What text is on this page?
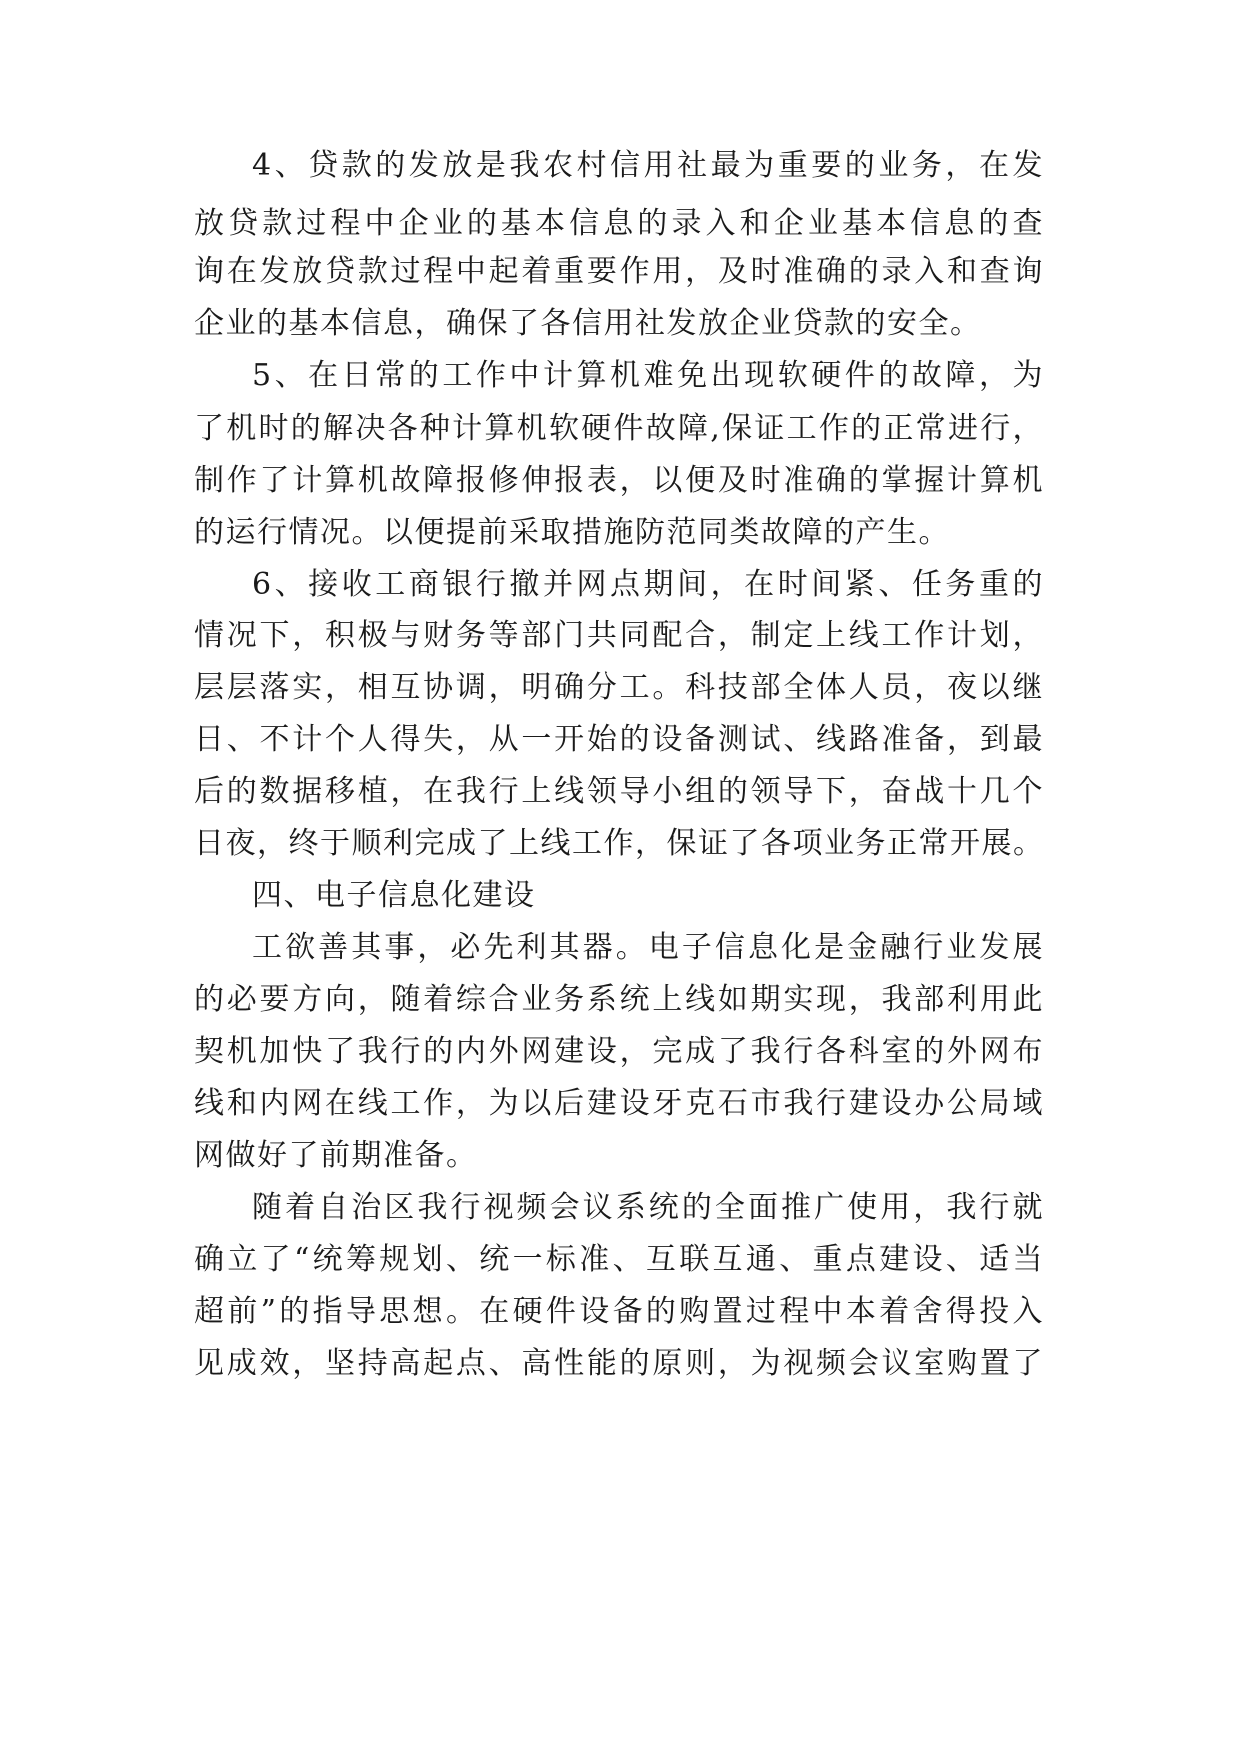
4、贷款的发放是我农村信用社最为重要的业务，在发

放贷款过程中企业的基本信息的录入和企业基本信息的查

询在发放贷款过程中起着重要作用，及时准确的录入和查询

企业的基本信息，确保了各信用社发放企业贷款的安全。

5、在日常的工作中计算机难免出现软硬件的故障，为

了机时的解决各种计算机软硬件故障,保证工作的正常进行，

制作了计算机故障报修伸报表，以便及时准确的掌握计算机

的运行情况。以便提前采取措施防范同类故障的产生。

6、接收工商银行撤并网点期间，在时间紧、任务重的

情况下，积极与财务等部门共同配合，制定上线工作计划，

层层落实，相互协调，明确分工。科技部全体人员，夜以继

日、不计个人得失，从一开始的设备测试、线路准备，到最

后的数据移植，在我行上线领导小组的领导下，奋战十几个

日夜，终于顺利完成了上线工作，保证了各项业务正常开展。

四、电子信息化建设

工欲善其事，必先利其器。电子信息化是金融行业发展

的必要方向，随着综合业务系统上线如期实现，我部利用此

契机加快了我行的内外网建设，完成了我行各科室的外网布

线和内网在线工作，为以后建设牙克石市我行建设办公局域

网做好了前期准备。

随着自治区我行视频会议系统的全面推广使用，我行就

确立了“统筹规划、统一标准、互联互通、重点建设、适当

超前”的指导思想。在硬件设备的购置过程中本着舍得投入

见成效，坚持高起点、高性能的原则，为视频会议室购置了
